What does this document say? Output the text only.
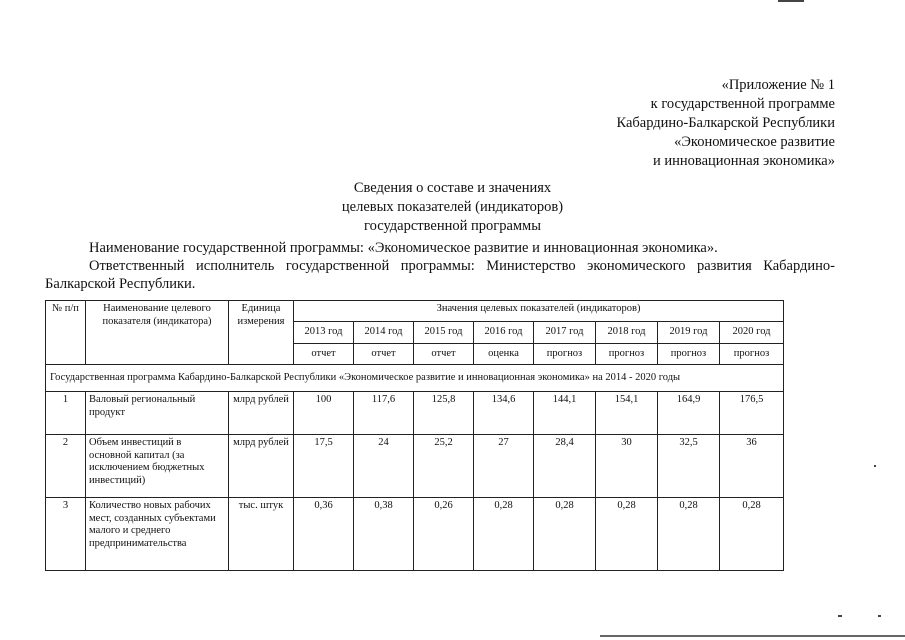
«Приложение № 1
к государственной программе
Кабардино-Балкарской Республики
«Экономическое развитие
и инновационная экономика»
Сведения о составе и значениях
целевых показателей (индикаторов)
государственной программы

Наименование государственной программы: «Экономическое развитие и инновационная экономика».

Ответственный исполнитель государственной программы: Министерство экономического развития Кабардино-Балкарской Республики.

№ п/п	Наименование целевого показателя (индикатора)	Единица измерения	Значения целевых показателей (индикаторов)							
			2013 год	2014 год	2015 год	2016 год	2017 год	2018 год	2019 год	2020 год
			отчет	отчет	отчет	оценка	прогноз	прогноз	прогноз	прогноз
Государственная программа Кабардино-Балкарской Республики «Экономическое развитие и инновационная экономика» на 2014 - 2020 годы										
1	Валовый региональный продукт	млрд рублей	100	117,6	125,8	134,6	144,1	154,1	164,9	176,5
2	Объем инвестиций в основной капитал (за исключением бюджетных инвестиций)	млрд рублей	17,5	24	25,2	27	28,4	30	32,5	36
3	Количество новых рабочих мест, созданных субъектами малого и среднего предпринимательства	тыс. штук	0,36	0,38	0,26	0,28	0,28	0,28	0,28	0,28
